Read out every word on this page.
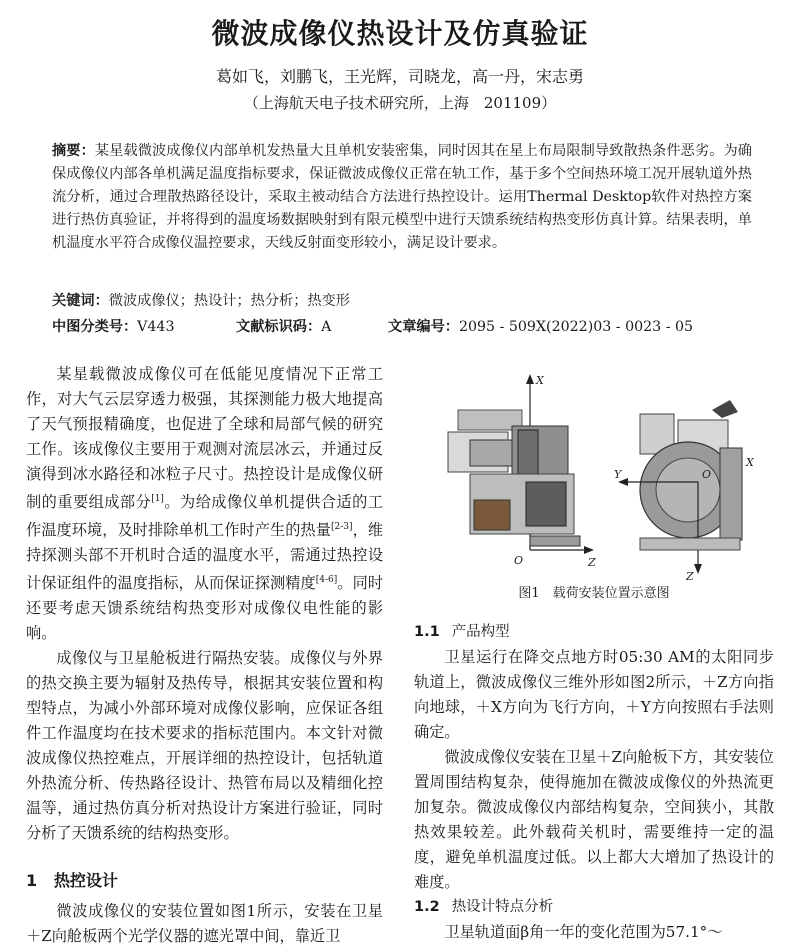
微波成像仪热设计及仿真验证
葛如飞，刘鹏飞，王光辉，司晓龙，高一丹，宋志勇
（上海航天电子技术研究所，上海　201109）
摘要：某星载微波成像仪内部单机发热量大且单机安装密集，同时因其在星上布局限制导致散热条件恶劣。为确保成像仪内部各单机满足温度指标要求，保证微波成像仪正常在轨工作，基于多个空间热环境工况开展轨道外热流分析，通过合理散热路径设计，采取主被动结合方法进行热控设计。运用Thermal Desktop软件对热控方案进行热仿真验证，并将得到的温度场数据映射到有限元模型中进行天馈系统结构热变形仿真计算。结果表明，单机温度水平符合成像仪温控要求，天线反射面变形较小，满足设计要求。
关键词：微波成像仪；热设计；热分析；热变形
中图分类号：V443	文献标识码：A	文章编号：2095 - 509X(2022)03 - 0023 - 05

某星载微波成像仪可在低能见度情况下正常工作，对大气云层穿透力极强，其探测能力极大地提高了天气预报精确度，也促进了全球和局部气候的研究工作。该成像仪主要用于观测对流层冰云，并通过反演得到冰水路径和冰粒子尺寸。热控设计是成像仪研制的重要组成部分[1]。为给成像仪单机提供合适的工作温度环境，及时排除单机工作时产生的热量[2-3]，维持探测头部不开机时合适的温度水平，需通过热控设计保证组件的温度指标，从而保证探测精度[4-6]。同时还要考虑天馈系统结构热变形对成像仪电性能的影响。

成像仪与卫星舱板进行隔热安装。成像仪与外界的热交换主要为辐射及热传导，根据其安装位置和构型特点，为减小外部环境对成像仪影响，应保证各组件工作温度均在技术要求的指标范围内。本文针对微波成像仪热控难点，开展详细的热控设计，包括轨道外热流分析、传热路径设计、热管布局以及精细化控温等，通过热仿真分析对热设计方案进行验证，同时分析了天馈系统的结构热变形。

1 热控设计

微波成像仪的安装位置如图1所示，安装在卫星＋Z向舱板两个光学仪器的遮光罩中间，靠近卫

X
O	Z
Y	O
Z
X
图1　载荷安装位置示意图

1.1 产品构型

卫星运行在降交点地方时05:30 AM的太阳同步轨道上，微波成像仪三维外形如图2所示，＋Z方向指向地球，＋X方向为飞行方向，＋Y方向按照右手法则确定。

微波成像仪安装在卫星＋Z向舱板下方，其安装位置周围结构复杂，使得施加在微波成像仪的外热流更加复杂。微波成像仪内部结构复杂，空间狭小，其散热效果较差。此外载荷关机时，需要维持一定的温度，避免单机温度过低。以上都大大增加了热设计的难度。

1.2 热设计特点分析

卫星轨道面β角一年的变化范围为57.1°～
